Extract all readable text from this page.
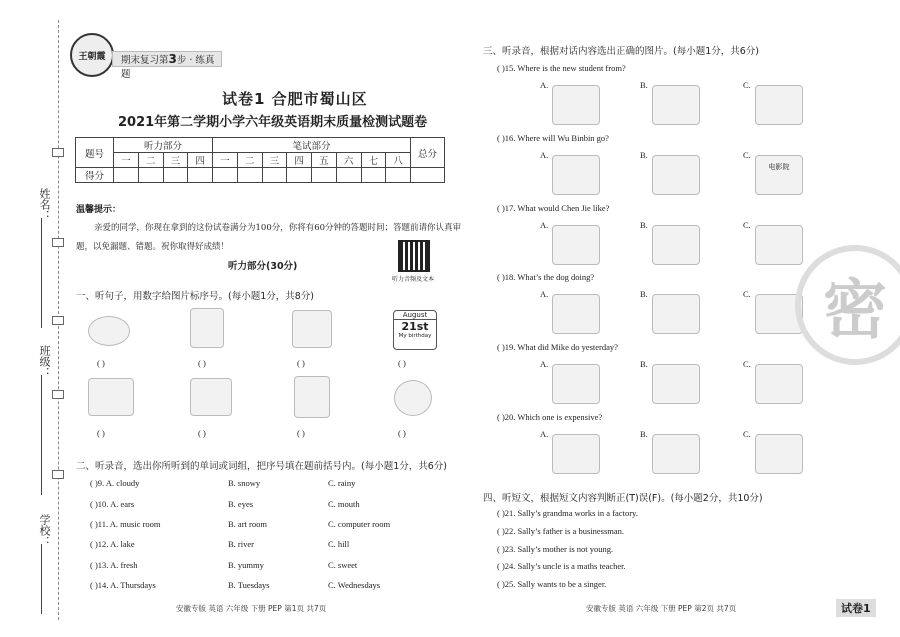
姓名：
班级：
学校：
王朝霞	期末复习第3步 · 练真题
试卷1 合肥市蜀山区
2021年第二学期小学六年级英语期末质量检测试题卷
题号	听力部分				笔试部分								总分
	一	二	三	四	一	二	三	四	五	六	七	八	
得分													
温馨提示：
亲爱的同学，你现在拿到的这份试卷满分为100分，你将有60分钟的答题时间；答题前请你认真审
题，以免漏题、错题。祝你取得好成绩！
听力音频及文本
听力部分(30分)
一、听句子，用数字给图片标序号。(每小题1分，共8分)
August
21st
My birthday
( )	( )	( )	( )
( )	( )	( )	( )
二、听录音，选出你所听到的单词或词组，把序号填在题前括号内。(每小题1分，共6分)
( )9. A. cloudy	B. snowy	C. rainy
( )10. A. ears	B. eyes	C. mouth
( )11. A. music room	B. art room	C. computer room
( )12. A. lake	B. river	C. hill
( )13. A. fresh	B. yummy	C. sweet
( )14. A. Thursdays	B. Tuesdays	C. Wednesdays
三、听录音，根据对话内容选出正确的图片。(每小题1分，共6分)
( )15. Where is the new student from?
A.	B.	C.
( )16. Where will Wu Binbin go?
A.	B.	C.
电影院
( )17. What would Chen Jie like?
A.	B.	C.
( )18. What’s the dog doing?
A.	B.	C.
( )19. What did Mike do yesterday?
A.	B.	C.
( )20. Which one is expensive?
A.	B.	C.
四、听短文，根据短文内容判断正(T)误(F)。(每小题2分，共10分)
( )21. Sally’s grandma works in a factory.
( )22. Sally’s father is a businessman.
( )23. Sally’s mother is not young.
( )24. Sally’s uncle is a maths teacher.
( )25. Sally wants to be a singer.
密
安徽专版 英语 六年级 下册 PEP 第1页 共7页	安徽专版 英语 六年级 下册 PEP 第2页 共7页	试卷1
